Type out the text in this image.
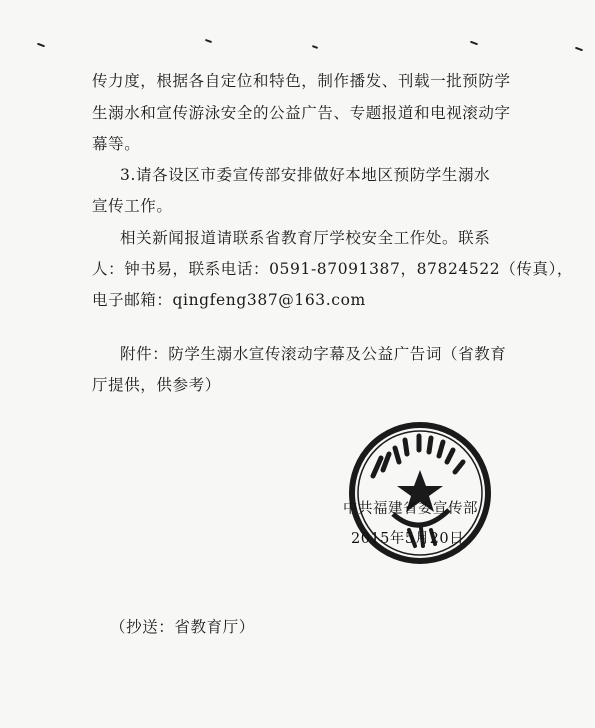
传力度，根据各自定位和特色，制作播发、刊载一批预防学
生溺水和宣传游泳安全的公益广告、专题报道和电视滚动字
幕等。
3.请各设区市委宣传部安排做好本地区预防学生溺水
宣传工作。
相关新闻报道请联系省教育厅学校安全工作处。联系
人：钟书易，联系电话：0591-87091387，87824522（传真），
电子邮箱：qingfeng387@163.com
附件：防学生溺水宣传滚动字幕及公益广告词（省教育
厅提供，供参考）
中共福建省委宣传部
2015年5月20日
（抄送：省教育厅）
